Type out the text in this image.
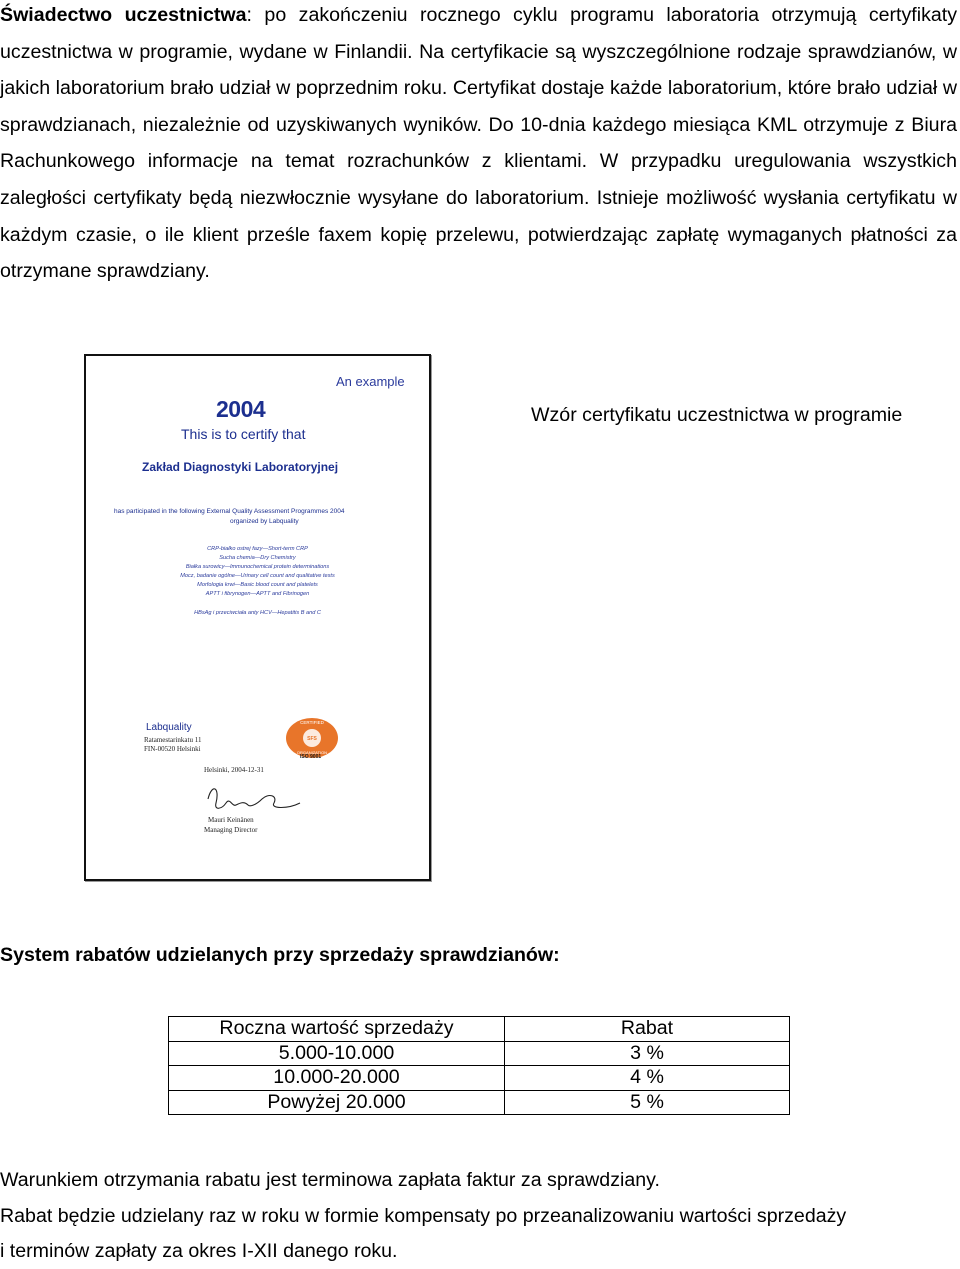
Świadectwo uczestnictwa: po zakończeniu rocznego cyklu programu laboratoria otrzymują certyfikaty uczestnictwa w programie, wydane w Finlandii. Na certyfikacie są wyszczególnione rodzaje sprawdzianów, w jakich laboratorium brało udział w poprzednim roku. Certyfikat dostaje każde laboratorium, które brało udział w sprawdzianach, niezależnie od uzyskiwanych wyników. Do 10-dnia każdego miesiąca KML otrzymuje z Biura Rachunkowego informacje na temat rozrachunków z klientami. W przypadku uregulowania wszystkich zaległości certyfikaty będą niezwłocznie wysyłane do laboratorium. Istnieje możliwość wysłania certyfikatu w każdym czasie, o ile klient prześle faxem kopię przelewu, potwierdzając zapłatę wymaganych płatności za otrzymane sprawdziany.
An example
2004
This is to certify that
Zakład Diagnostyki Laboratoryjnej
has participated in the following External Quality Assessment Programmes 2004
organized by Labquality
CRP-białko ostrej fazy—Short-term CRP
Sucha chemia—Dry Chemistry
Białka surowicy—Immunochemical protein determinations
Mocz, badanie ogólne—Urinary cell count and qualitative tests
Morfologia krwi—Basic blood count and platelets
APTT i fibrynogen—APTT and Fibrinogen
HBsAg i przeciwciała anty HCV—Hepatitis B and C
Labquality
Ratamestarinkatu 11
FIN-00520 Helsinki
CERTIFIED
SFS
ORGANIZATION
ISO 9001
Helsinki, 2004-12-31
Mauri Keinänen
Managing Director
Wzór certyfikatu uczestnictwa w programie
System rabatów udzielanych przy sprzedaży sprawdzianów:
Roczna wartość sprzedaży	Rabat
5.000-10.000	3 %
10.000-20.000	4 %
Powyżej 20.000	5 %
Warunkiem otrzymania rabatu jest terminowa zapłata faktur za sprawdziany.
Rabat będzie udzielany raz w roku w formie kompensaty po przeanalizowaniu wartości sprzedaży
i terminów zapłaty za okres I-XII danego roku.
